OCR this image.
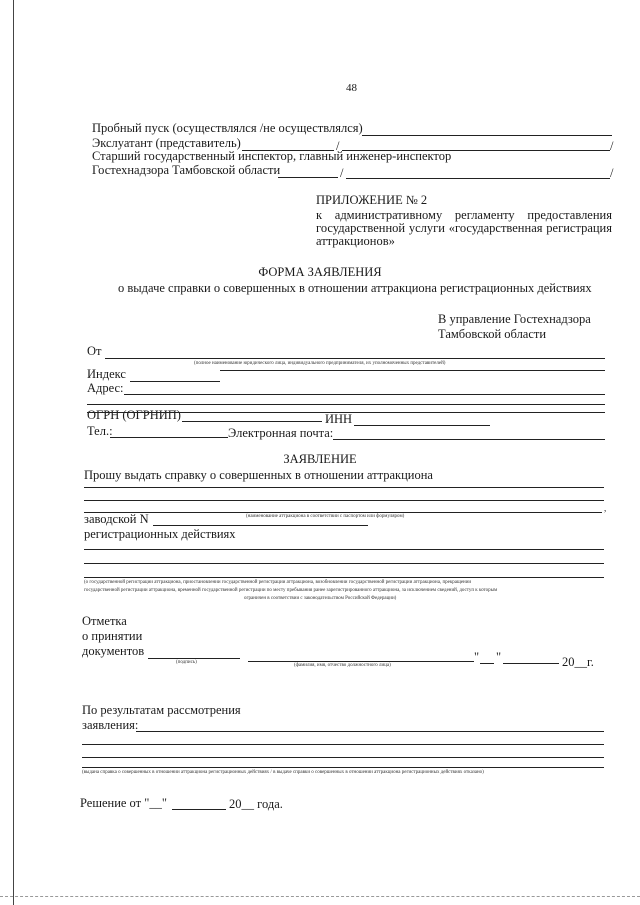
48
Пробный пуск (осуществлялся /не осуществлялся)
Экслуатант (представитель)	/	/
Старший государственный инспектор, главный инженер-инспектор
Гостехнадзора Тамбовской области	/	/
ПРИЛОЖЕНИЕ № 2
к административному регламенту предоставления
государственной услуги «государственная регистрация
аттракционов»
ФОРМА ЗАЯВЛЕНИЯ
о выдаче справки о совершенных в отношении аттракциона регистрационных действиях
В управление Гостехнадзора
Тамбовской области
От
(полное наименование юридического лица, индивидуального предпринимателя, их уполномоченных представителей)
Индекс
Адрес:
ОГРН (ОГРНИП)	ИНН
Тел.:	Электронная почта:
ЗАЯВЛЕНИЕ
Прошу выдать справку о совершенных в отношении аттракциона
,
(наименование аттракциона в соответствии с паспортом или формуляром)
заводской N
регистрационных действиях
(о государственной регистрации аттракциона, приостановлении государственной регистрации аттракциона, возобновлении государственной регистрации аттракциона, прекращении
государственной регистрации аттракциона, временной государственной регистрации по месту пребывания ранее зарегистрированного аттракциона, за исключением сведений, доступ к которым
ограничен в соответствии с законодательством Российской Федерации)
Отметка
о принятии
документов
(подпись)
(фамилия, имя, отчество должностного лица)
" "	20__г.
По результатам рассмотрения
заявления:
(выдана справка о совершенных в отношении аттракциона регистрационных действиях / в выдаче справки о совершенных в отношении аттракциона регистрационных действиях отказано)
Решение от "__"	20__ года.
